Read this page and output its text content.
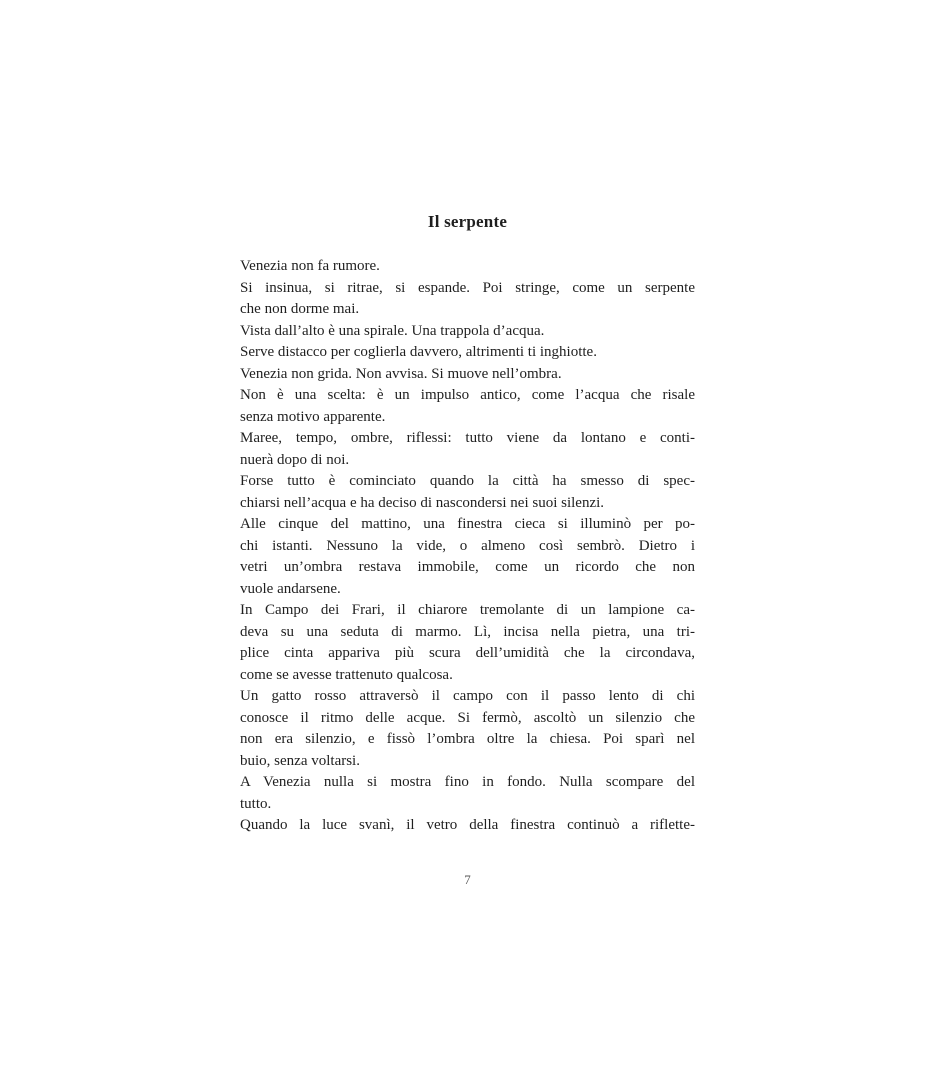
Il serpente
Venezia non fa rumore.
Si insinua, si ritrae, si espande. Poi stringe, come un serpente
che non dorme mai.
Vista dall’alto è una spirale. Una trappola d’acqua.
Serve distacco per coglierla davvero, altrimenti ti inghiotte.
Venezia non grida. Non avvisa. Si muove nell’ombra.
Non è una scelta: è un impulso antico, come l’acqua che risale
senza motivo apparente.
Maree, tempo, ombre, riflessi: tutto viene da lontano e conti-
nuerà dopo di noi.
Forse tutto è cominciato quando la città ha smesso di spec-
chiarsi nell’acqua e ha deciso di nascondersi nei suoi silenzi.
Alle cinque del mattino, una finestra cieca si illuminò per po-
chi istanti. Nessuno la vide, o almeno così sembrò. Dietro i
vetri un’ombra restava immobile, come un ricordo che non
vuole andarsene.
In Campo dei Frari, il chiarore tremolante di un lampione ca-
deva su una seduta di marmo. Lì, incisa nella pietra, una tri-
plice cinta appariva più scura dell’umidità che la circondava,
come se avesse trattenuto qualcosa.
Un gatto rosso attraversò il campo con il passo lento di chi
conosce il ritmo delle acque. Si fermò, ascoltò un silenzio che
non era silenzio, e fissò l’ombra oltre la chiesa. Poi sparì nel
buio, senza voltarsi.
A Venezia nulla si mostra fino in fondo. Nulla scompare del
tutto.
Quando la luce svanì, il vetro della finestra continuò a riflette-
7
